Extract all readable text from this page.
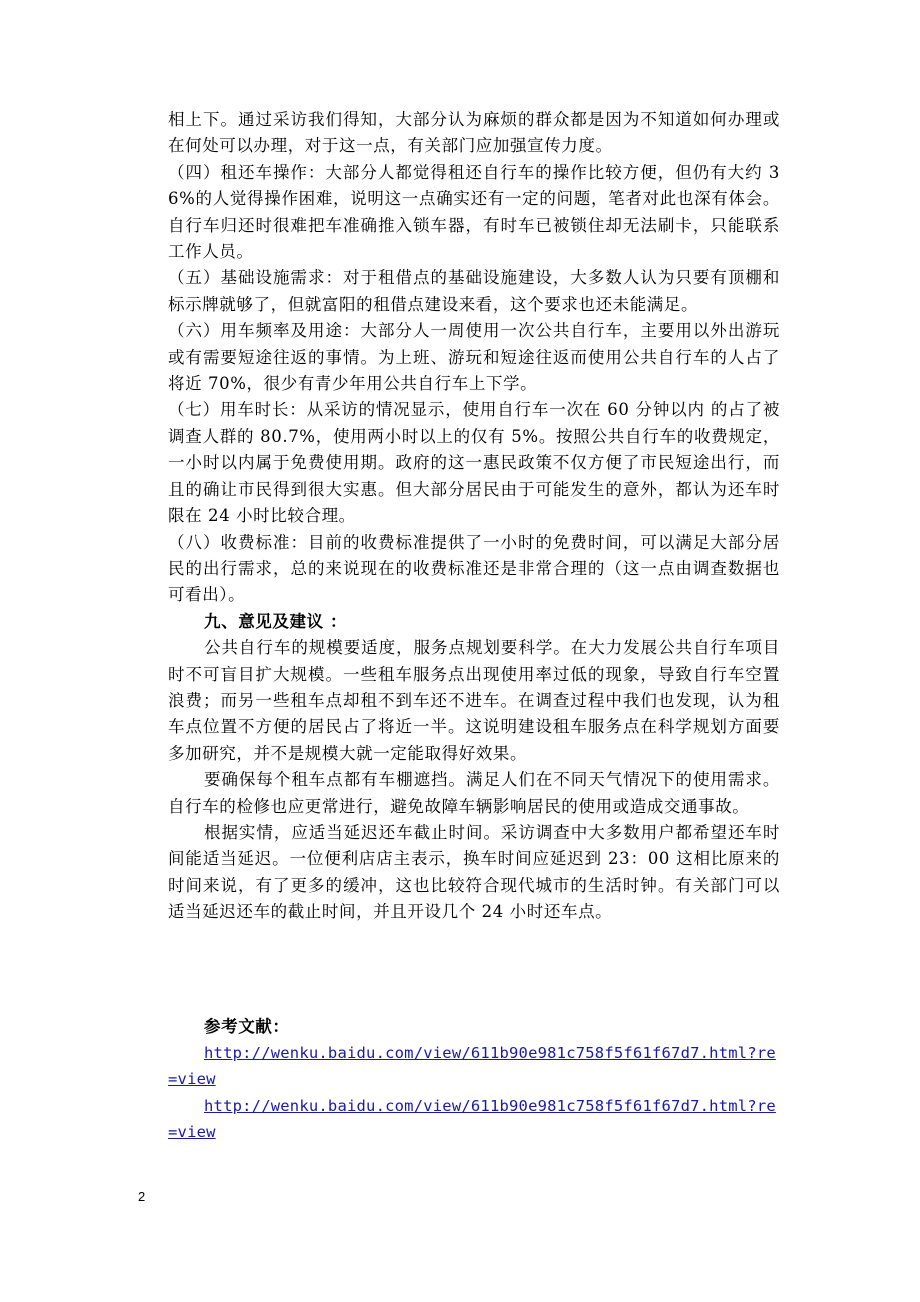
相上下。通过采访我们得知，大部分认为麻烦的群众都是因为不知道如何办理或在何处可以办理，对于这一点，有关部门应加强宣传力度。

（四）租还车操作：大部分人都觉得租还自行车的操作比较方便，但仍有大约 36%的人觉得操作困难，说明这一点确实还有一定的问题，笔者对此也深有体会。自行车归还时很难把车准确推入锁车器，有时车已被锁住却无法刷卡，只能联系工作人员。

（五）基础设施需求：对于租借点的基础设施建设，大多数人认为只要有顶棚和标示牌就够了，但就富阳的租借点建设来看，这个要求也还未能满足。

（六）用车频率及用途：大部分人一周使用一次公共自行车，主要用以外出游玩或有需要短途往返的事情。为上班、游玩和短途往返而使用公共自行车的人占了将近 70%，很少有青少年用公共自行车上下学。

（七）用车时长：从采访的情况显示，使用自行车一次在 60 分钟以内 的占了被调查人群的 80.7%，使用两小时以上的仅有 5%。按照公共自行车的收费规定，一小时以内属于免费使用期。政府的这一惠民政策不仅方便了市民短途出行，而且的确让市民得到很大实惠。但大部分居民由于可能发生的意外，都认为还车时限在 24 小时比较合理。

（八）收费标准：目前的收费标准提供了一小时的免费时间，可以满足大部分居民的出行需求，总的来说现在的收费标准还是非常合理的（这一点由调查数据也可看出）。

九、意见及建议 ：

公共自行车的规模要适度，服务点规划要科学。在大力发展公共自行车项目时不可盲目扩大规模。一些租车服务点出现使用率过低的现象，导致自行车空置浪费；而另一些租车点却租不到车还不进车。在调查过程中我们也发现，认为租车点位置不方便的居民占了将近一半。这说明建设租车服务点在科学规划方面要多加研究，并不是规模大就一定能取得好效果。

要确保每个租车点都有车棚遮挡。满足人们在不同天气情况下的使用需求。自行车的检修也应更常进行，避免故障车辆影响居民的使用或造成交通事故。

根据实情，应适当延迟还车截止时间。采访调查中大多数用户都希望还车时间能适当延迟。一位便利店店主表示，换车时间应延迟到 23：00 这相比原来的时间来说，有了更多的缓冲，这也比较符合现代城市的生活时钟。有关部门可以适当延迟还车的截止时间，并且开设几个 24 小时还车点。

参考文献：

http://wenku.baidu.com/view/611b90e981c758f5f61f67d7.html?re=view
http://wenku.baidu.com/view/611b90e981c758f5f61f67d7.html?re=view
2
